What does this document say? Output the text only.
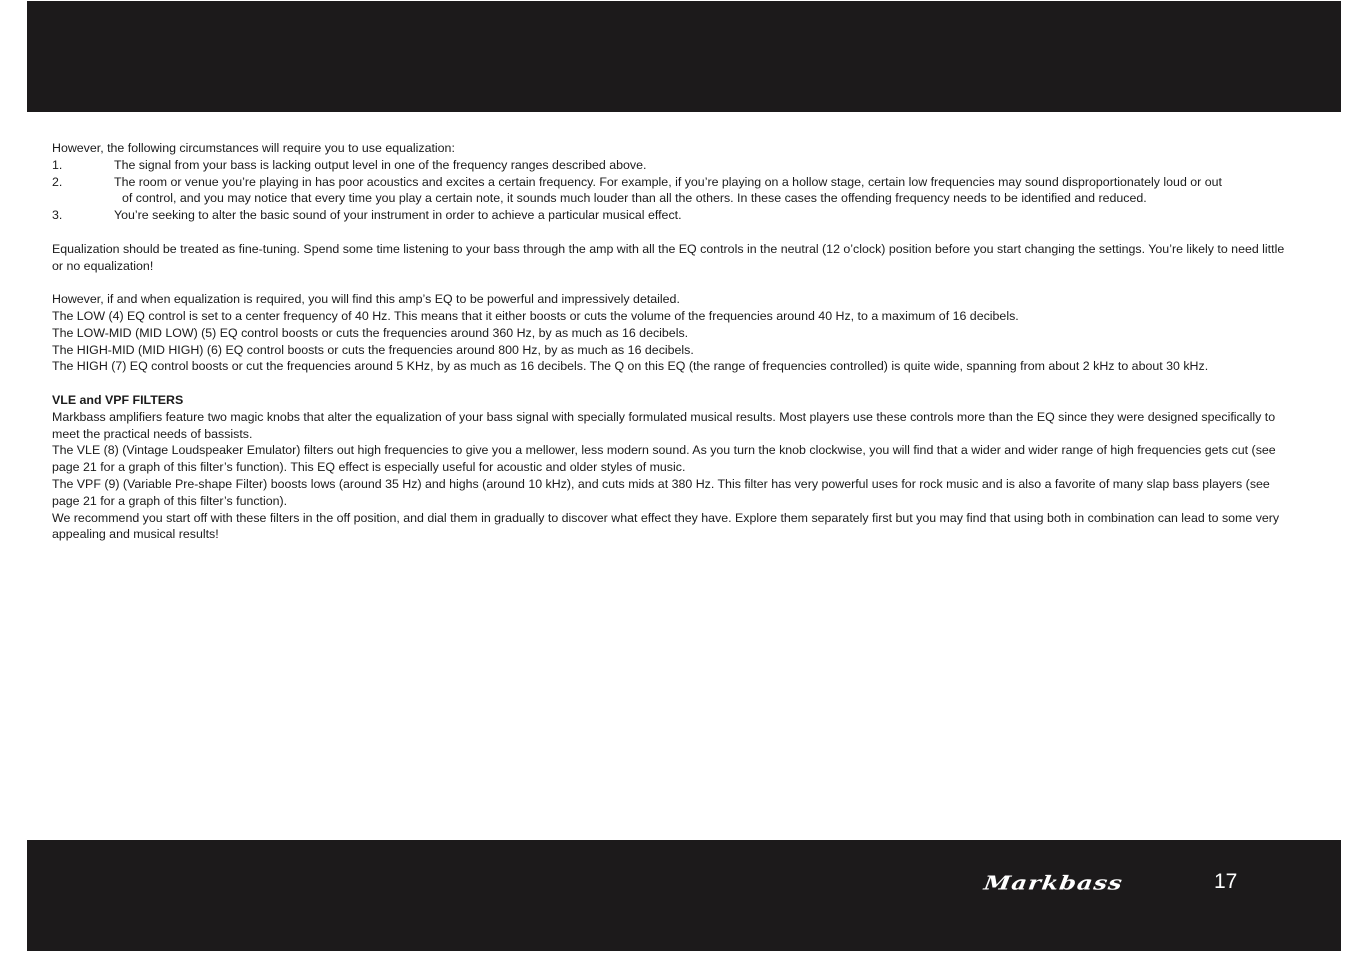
However, the following circumstances will require you to use equalization:

1.	The signal from your bass is lacking output level in one of the frequency ranges described above.
2.	The room or venue you’re playing in has poor acoustics and excites a certain frequency. For example, if you’re playing on a hollow stage, certain low frequencies may sound disproportionately loud or out
of control, and you may notice that every time you play a certain note, it sounds much louder than all the others. In these cases the offending frequency needs to be identified and reduced.
3.	You’re seeking to alter the basic sound of your instrument in order to achieve a particular musical effect.

Equalization should be treated as fine-tuning. Spend some time listening to your bass through the amp with all the EQ controls in the neutral (12 o’clock) position before you start changing the settings. You’re likely to need little or no equalization!

However, if and when equalization is required, you will find this amp’s EQ to be powerful and impressively detailed.

The LOW (4) EQ control is set to a center frequency of 40 Hz. This means that it either boosts or cuts the volume of the frequencies around 40 Hz, to a maximum of 16 decibels.

The LOW-MID (MID LOW) (5) EQ control boosts or cuts the frequencies around 360 Hz, by as much as 16 decibels.

The HIGH-MID (MID HIGH) (6) EQ control boosts or cuts the frequencies around 800 Hz, by as much as 16 decibels.

The HIGH (7) EQ control boosts or cut the frequencies around 5 KHz, by as much as 16 decibels. The Q on this EQ (the range of frequencies controlled) is quite wide, spanning from about 2 kHz to about 30 kHz.

VLE and VPF FILTERS

Markbass amplifiers feature two magic knobs that alter the equalization of your bass signal with specially formulated musical results. Most players use these controls more than the EQ since they were designed specifically to meet the practical needs of bassists.

The VLE (8) (Vintage Loudspeaker Emulator) filters out high frequencies to give you a mellower, less modern sound. As you turn the knob clockwise, you will find that a wider and wider range of high frequencies gets cut (see page 21 for a graph of this filter’s function). This EQ effect is especially useful for acoustic and older styles of music.

The VPF (9) (Variable Pre-shape Filter) boosts lows (around 35 Hz) and highs (around 10 kHz), and cuts mids at 380 Hz. This filter has very powerful uses for rock music and is also a favorite of many slap bass players (see page 21 for a graph of this filter’s function).

We recommend you start off with these filters in the off position, and dial them in gradually to discover what effect they have. Explore them separately first but you may find that using both in combination can lead to some very appealing and musical results!

Markbass	17
